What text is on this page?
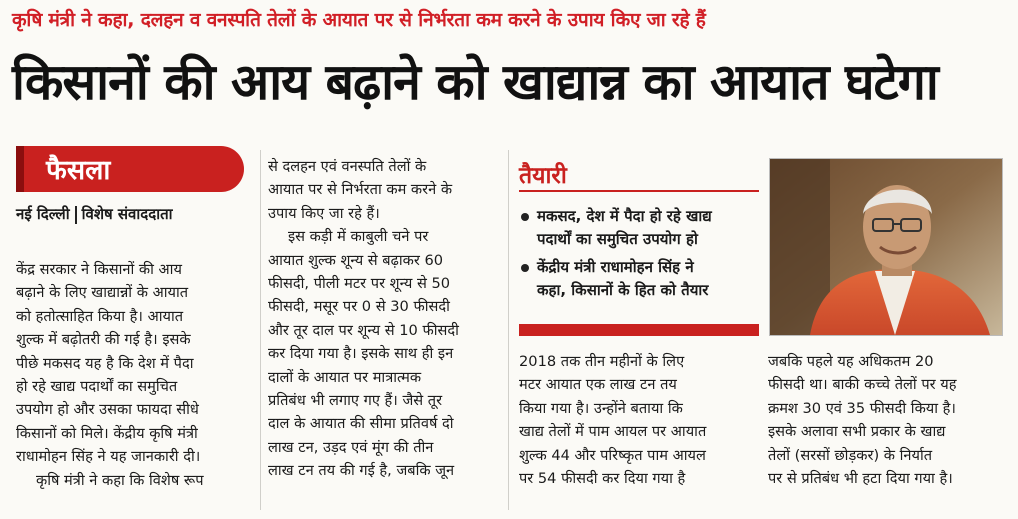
कृषि मंत्री ने कहा, दलहन व वनस्पति तेलों के आयात पर से निर्भरता कम करने के उपाय किए जा रहे हैं
किसानों की आय बढ़ाने को खाद्यान्न का आयात घटेगा
फैसला
नई दिल्ली विशेष संवाददाता

केंद्र सरकार ने किसानों की आय

बढ़ाने के लिए खाद्यान्नों के आयात

को हतोत्साहित किया है। आयात

शुल्क में बढ़ोतरी की गई है। इसके

पीछे मकसद यह है कि देश में पैदा

हो रहे खाद्य पदार्थों का समुचित

उपयोग हो और उसका फायदा सीधे

किसानों को मिले। केंद्रीय कृषि मंत्री

राधामोहन सिंह ने यह जानकारी दी।

कृषि मंत्री ने कहा कि विशेष रूप

से दलहन एवं वनस्पति तेलों के

आयात पर से निर्भरता कम करने के

उपाय किए जा रहे हैं।

इस कड़ी में काबुली चने पर

आयात शुल्क शून्य से बढ़ाकर 60

फीसदी, पीली मटर पर शून्य से 50

फीसदी, मसूर पर 0 से 30 फीसदी

और तूर दाल पर शून्य से 10 फीसदी

कर दिया गया है। इसके साथ ही इन

दालों के आयात पर मात्रात्मक

प्रतिबंध भी लगाए गए हैं। जैसे तूर

दाल के आयात की सीमा प्रतिवर्ष दो

लाख टन, उड़द एवं मूंग की तीन

लाख टन तय की गई है, जबकि जून

तैयारी
मकसद, देश में पैदा हो रहे खाद्य
पदार्थों का समुचित उपयोग हो
केंद्रीय मंत्री राधामोहन सिंह ने
कहा, किसानों के हित को तैयार

2018 तक तीन महीनों के लिए

मटर आयात एक लाख टन तय

किया गया है। उन्होंने बताया कि

खाद्य तेलों में पाम आयल पर आयात

शुल्क 44 और परिष्कृत पाम आयल

पर 54 फीसदी कर दिया गया है

जबकि पहले यह अधिकतम 20

फीसदी था। बाकी कच्चे तेलों पर यह

क्रमश 30 एवं 35 फीसदी किया है।

इसके अलावा सभी प्रकार के खाद्य

तेलों (सरसों छोड़कर) के निर्यात

पर से प्रतिबंध भी हटा दिया गया है।
